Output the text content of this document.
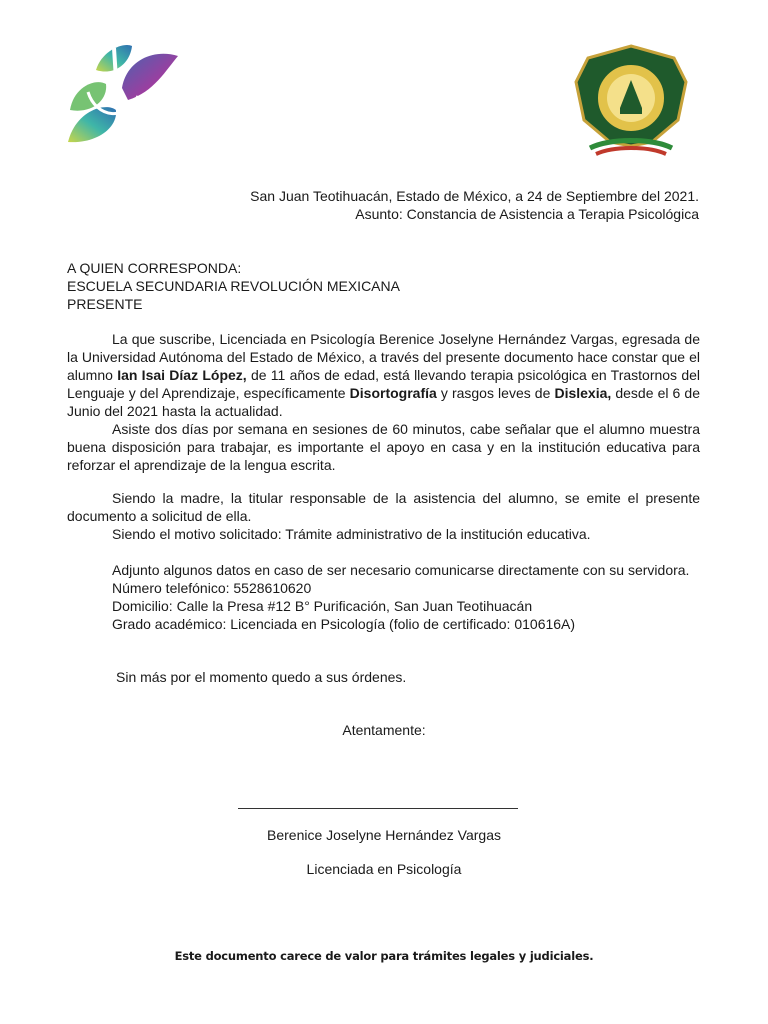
San Juan Teotihuacán, Estado de México, a 24 de Septiembre del 2021.
Asunto: Constancia de Asistencia a Terapia Psicológica
A QUIEN CORRESPONDA:
ESCUELA SECUNDARIA REVOLUCIÓN MEXICANA
PRESENTE

La que suscribe, Licenciada en Psicología Berenice Joselyne Hernández Vargas, egresada de la Universidad Autónoma del Estado de México, a través del presente documento hace constar que el alumno Ian Isai Díaz López, de 11 años de edad, está llevando terapia psicológica en Trastornos del Lenguaje y del Aprendizaje, específicamente Disortografía y rasgos leves de Dislexia, desde el 6 de Junio del 2021 hasta la actualidad.

Asiste dos días por semana en sesiones de 60 minutos, cabe señalar que el alumno muestra buena disposición para trabajar, es importante el apoyo en casa y en la institución educativa para reforzar el aprendizaje de la lengua escrita.

Siendo la madre, la titular responsable de la asistencia del alumno, se emite el presente documento a solicitud de ella.

Siendo el motivo solicitado: Trámite administrativo de la institución educativa.

Adjunto algunos datos en caso de ser necesario comunicarse directamente con su servidora.

Número telefónico: 5528610620
Domicilio: Calle la Presa #12 B° Purificación, San Juan Teotihuacán
Grado académico: Licenciada en Psicología (folio de certificado: 010616A)
Sin más por el momento quedo a sus órdenes.
Atentamente:
Berenice Joselyne Hernández Vargas
Licenciada en Psicología
Este documento carece de valor para trámites legales y judiciales.
